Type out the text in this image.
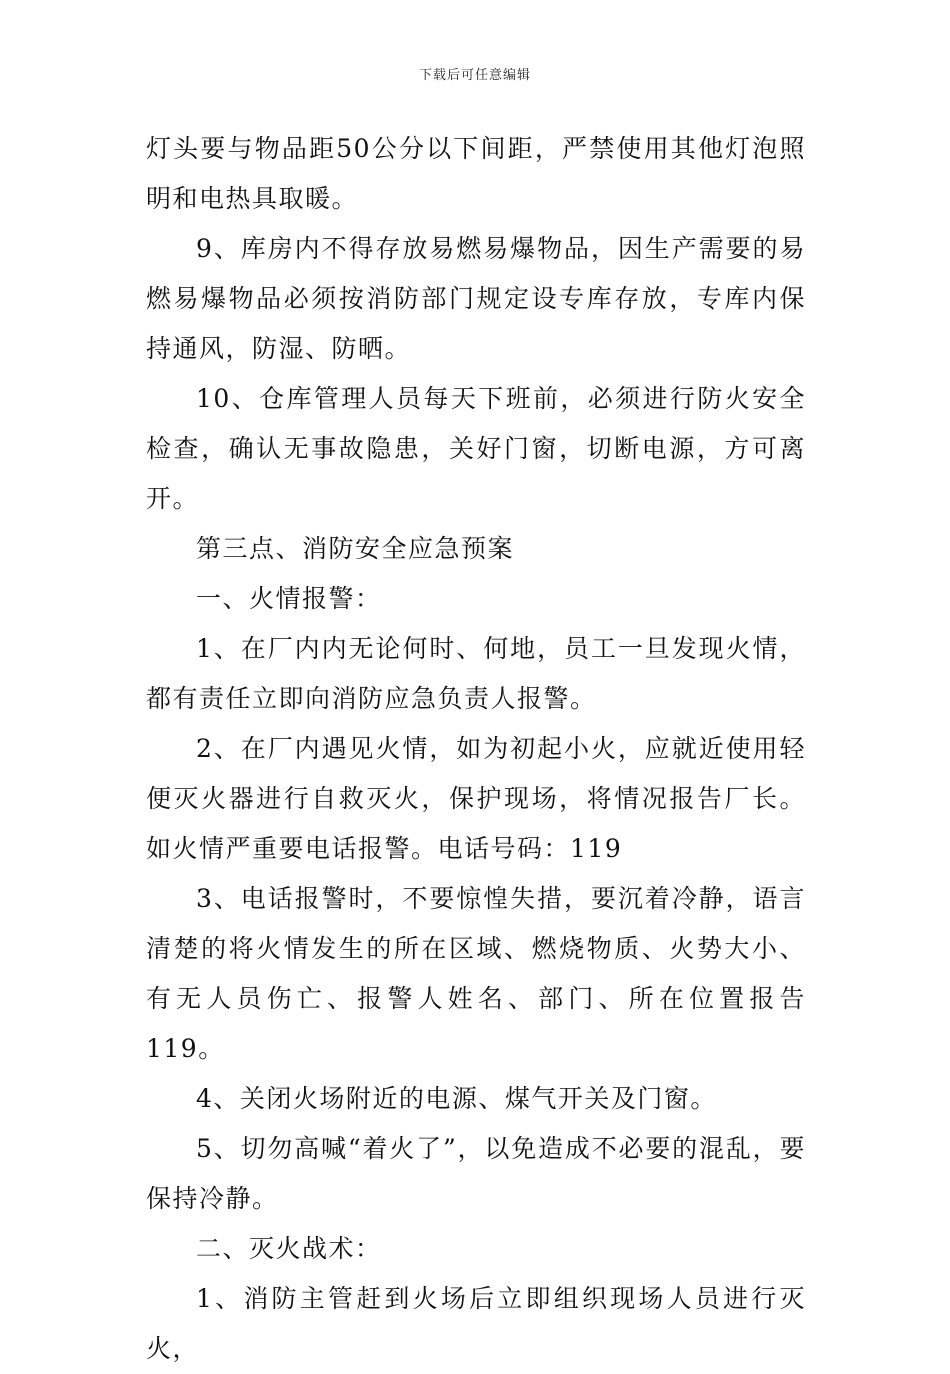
下载后可任意编辑

灯头要与物品距50公分以下间距，严禁使用其他灯泡照明和电热具取暖。

9、库房内不得存放易燃易爆物品，因生产需要的易燃易爆物品必须按消防部门规定设专库存放，专库内保持通风，防湿、防晒。

10、仓库管理人员每天下班前，必须进行防火安全检查，确认无事故隐患，关好门窗，切断电源，方可离开。

第三点、消防安全应急预案

一、火情报警：

1、在厂内内无论何时、何地，员工一旦发现火情，都有责任立即向消防应急负责人报警。

2、在厂内遇见火情，如为初起小火，应就近使用轻便灭火器进行自救灭火，保护现场，将情况报告厂长。如火情严重要电话报警。电话号码：119

3、电话报警时，不要惊惶失措，要沉着冷静，语言清楚的将火情发生的所在区域、燃烧物质、火势大小、有无人员伤亡、报警人姓名、部门、所在位置报告119。

4、关闭火场附近的电源、煤气开关及门窗。

5、切勿高喊“着火了”，以免造成不必要的混乱，要保持冷静。

二、灭火战术：

1、消防主管赶到火场后立即组织现场人员进行灭火，
